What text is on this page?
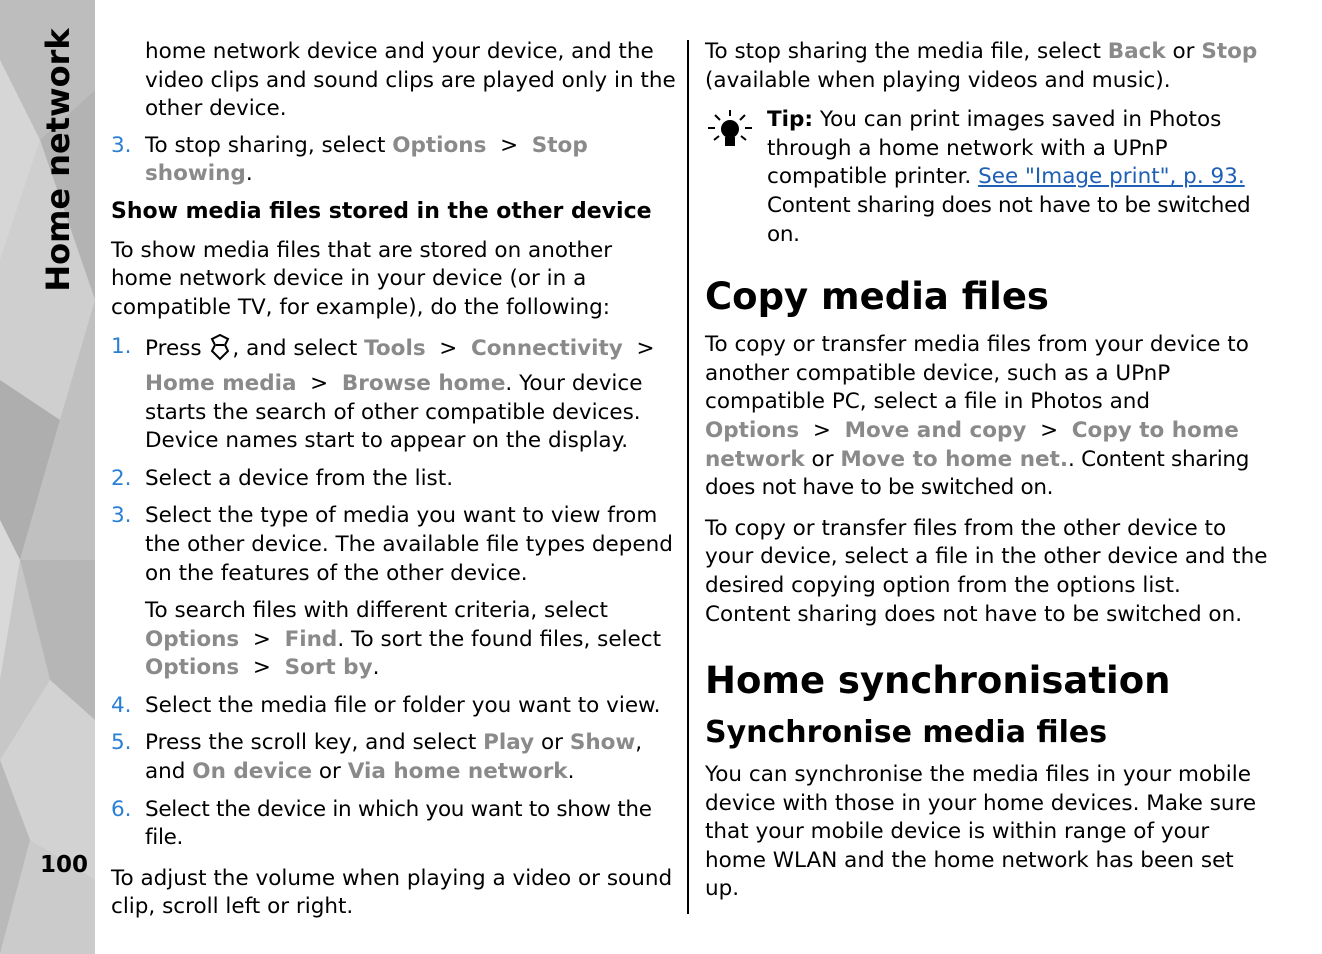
Home network
100
home network device and your device, and the video clips and sound clips are played only in the other device.
3. To stop sharing, select Options > Stop showing.
Show media files stored in the other device

To show media files that are stored on another home network device in your device (or in a compatible TV, for example), do the following:

1. Press , and select Tools > Connectivity > Home media > Browse home. Your device starts the search of other compatible devices. Device names start to appear on the display.
2. Select a device from the list.
3. Select the type of media you want to view from the other device. The available file types depend on the features of the other device.
To search files with different criteria, select Options > Find. To sort the found files, select Options > Sort by.
4. Select the media file or folder you want to view.
5. Press the scroll key, and select Play or Show, and On device or Via home network.
6. Select the device in which you want to show the file.

To adjust the volume when playing a video or sound clip, scroll left or right.

To stop sharing the media file, select Back or Stop (available when playing videos and music).

Tip: You can print images saved in Photos through a home network with a UPnP compatible printer. See "Image print", p. 93. Content sharing does not have to be switched on.
Copy media files

To copy or transfer media files from your device to another compatible device, such as a UPnP compatible PC, select a file in Photos and Options > Move and copy > Copy to home network or Move to home net.. Content sharing does not have to be switched on.

To copy or transfer files from the other device to your device, select a file in the other device and the desired copying option from the options list. Content sharing does not have to be switched on.

Home synchronisation
Synchronise media files

You can synchronise the media files in your mobile device with those in your home devices. Make sure that your mobile device is within range of your home WLAN and the home network has been set up.
